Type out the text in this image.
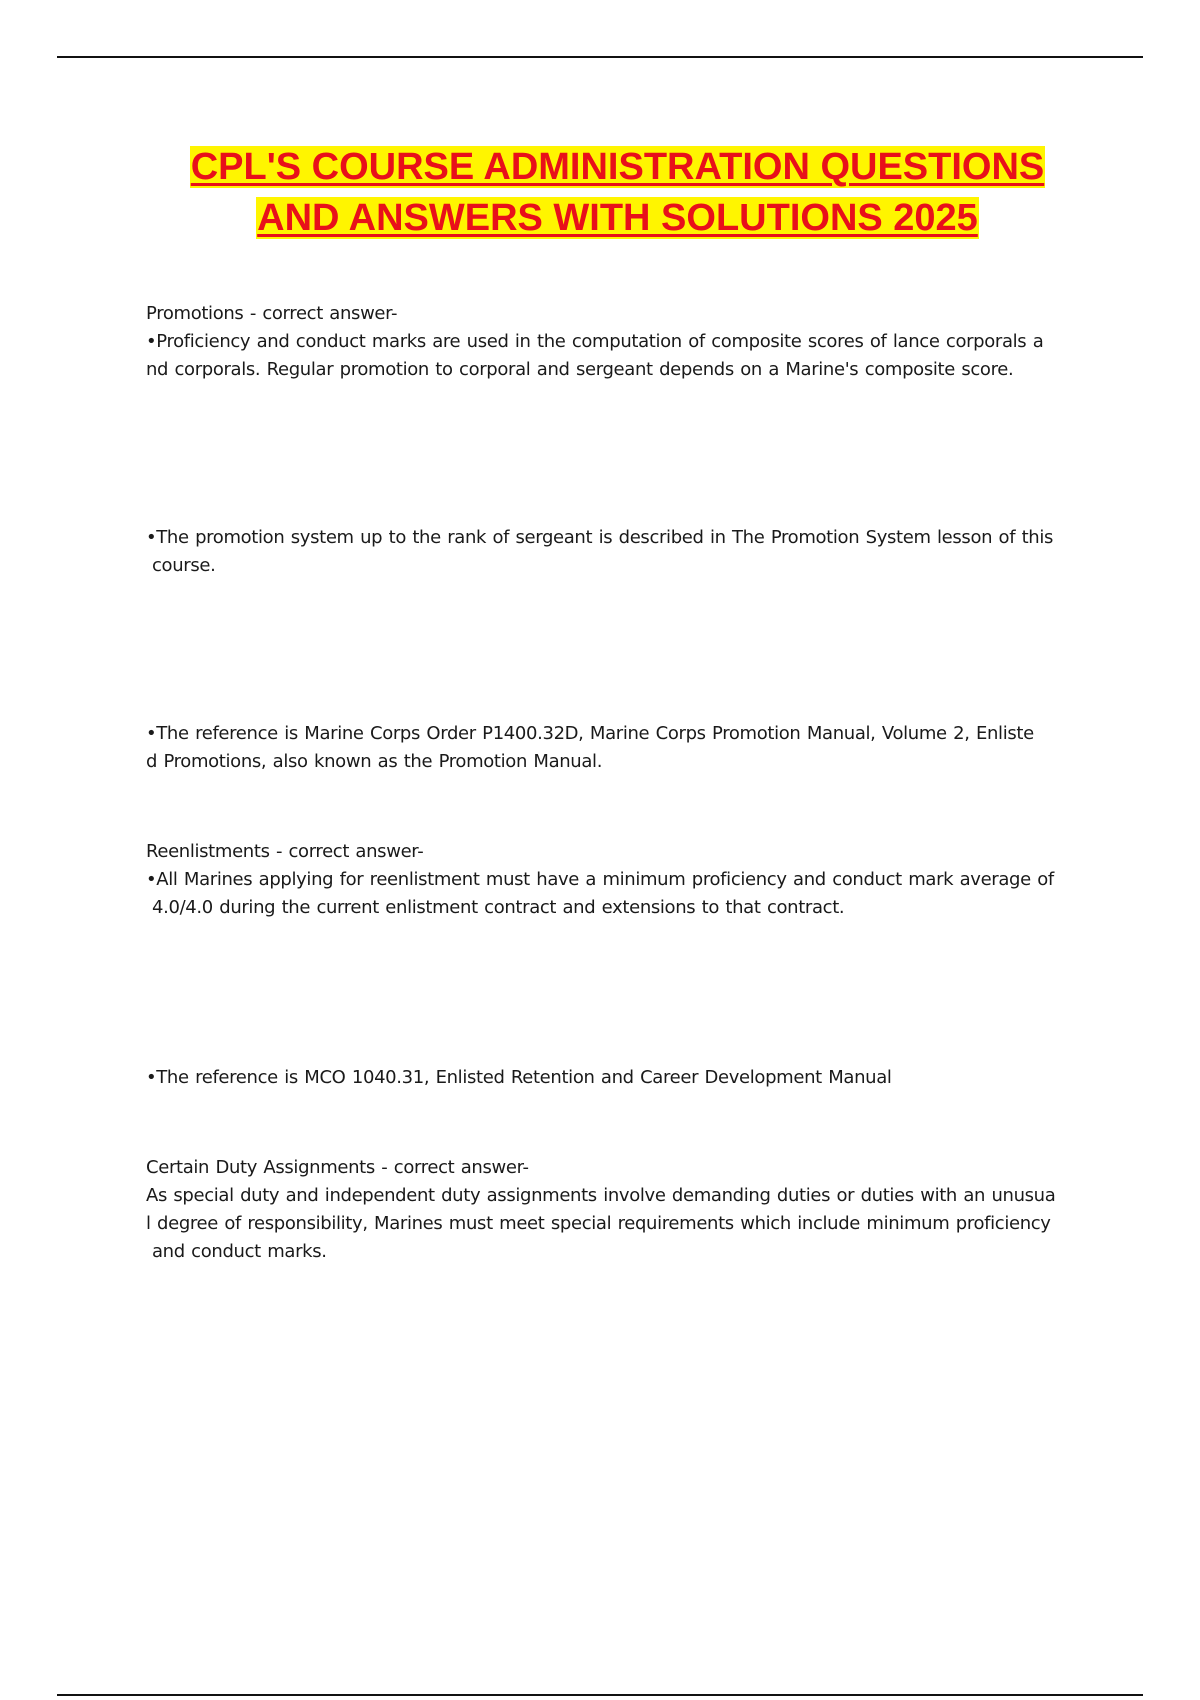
CPL'S COURSE ADMINISTRATION QUESTIONS
AND ANSWERS WITH SOLUTIONS 2025

Promotions - correct answer-

•Proficiency and conduct marks are used in the computation of composite scores of lance corporals a

nd corporals. Regular promotion to corporal and sergeant depends on a Marine's composite score.

•The promotion system up to the rank of sergeant is described in The Promotion System lesson of this

course.

•The reference is Marine Corps Order P1400.32D, Marine Corps Promotion Manual, Volume 2, Enliste

d Promotions, also known as the Promotion Manual.

Reenlistments - correct answer-

•All Marines applying for reenlistment must have a minimum proficiency and conduct mark average of

4.0/4.0 during the current enlistment contract and extensions to that contract.

•The reference is MCO 1040.31, Enlisted Retention and Career Development Manual

Certain Duty Assignments - correct answer-

As special duty and independent duty assignments involve demanding duties or duties with an unusua

l degree of responsibility, Marines must meet special requirements which include minimum proficiency

and conduct marks.
